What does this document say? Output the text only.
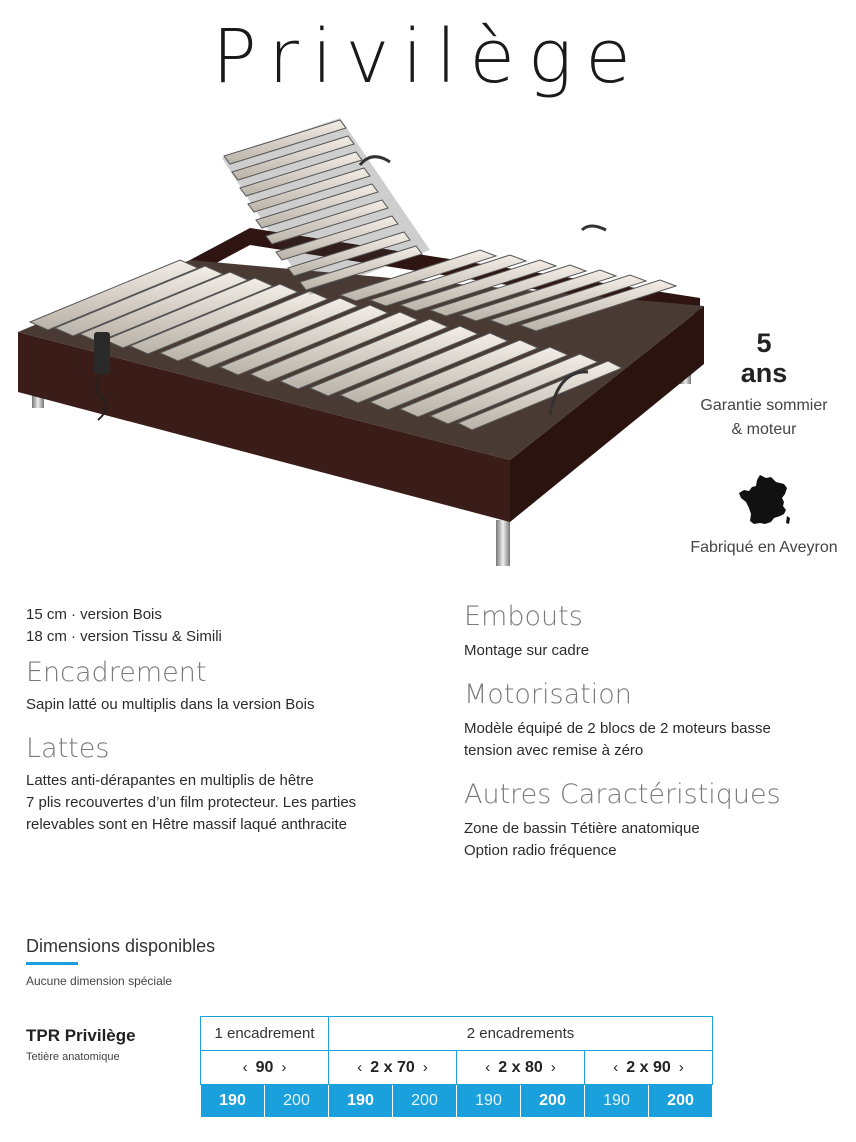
Privilège
5
ans
Garantie sommier
& moteur
Fabriqué en Aveyron
15 cm · version Bois
18 cm · version Tissu & Simili
Encadrement
Sapin latté ou multiplis dans la version Bois
Lattes
Lattes anti-dérapantes en multiplis de hêtre
7 plis recouvertes d’un film protecteur. Les parties
relevables sont en Hêtre massif laqué anthracite
Embouts
Montage sur cadre
Motorisation
Modèle équipé de 2 blocs de 2 moteurs basse
tension avec remise à zéro
Autres Caractéristiques
Zone de bassin Tétière anatomique
Option radio fréquence
Dimensions disponibles
Aucune dimension spéciale
TPR Privilège
Tetière anatomique
1 encadrement		2 encadrements					
‹ 90 ›		‹ 2 x 70 ›		‹ 2 x 80 ›		‹ 2 x 90 ›	
190	200	190	200	190	200	190	200
